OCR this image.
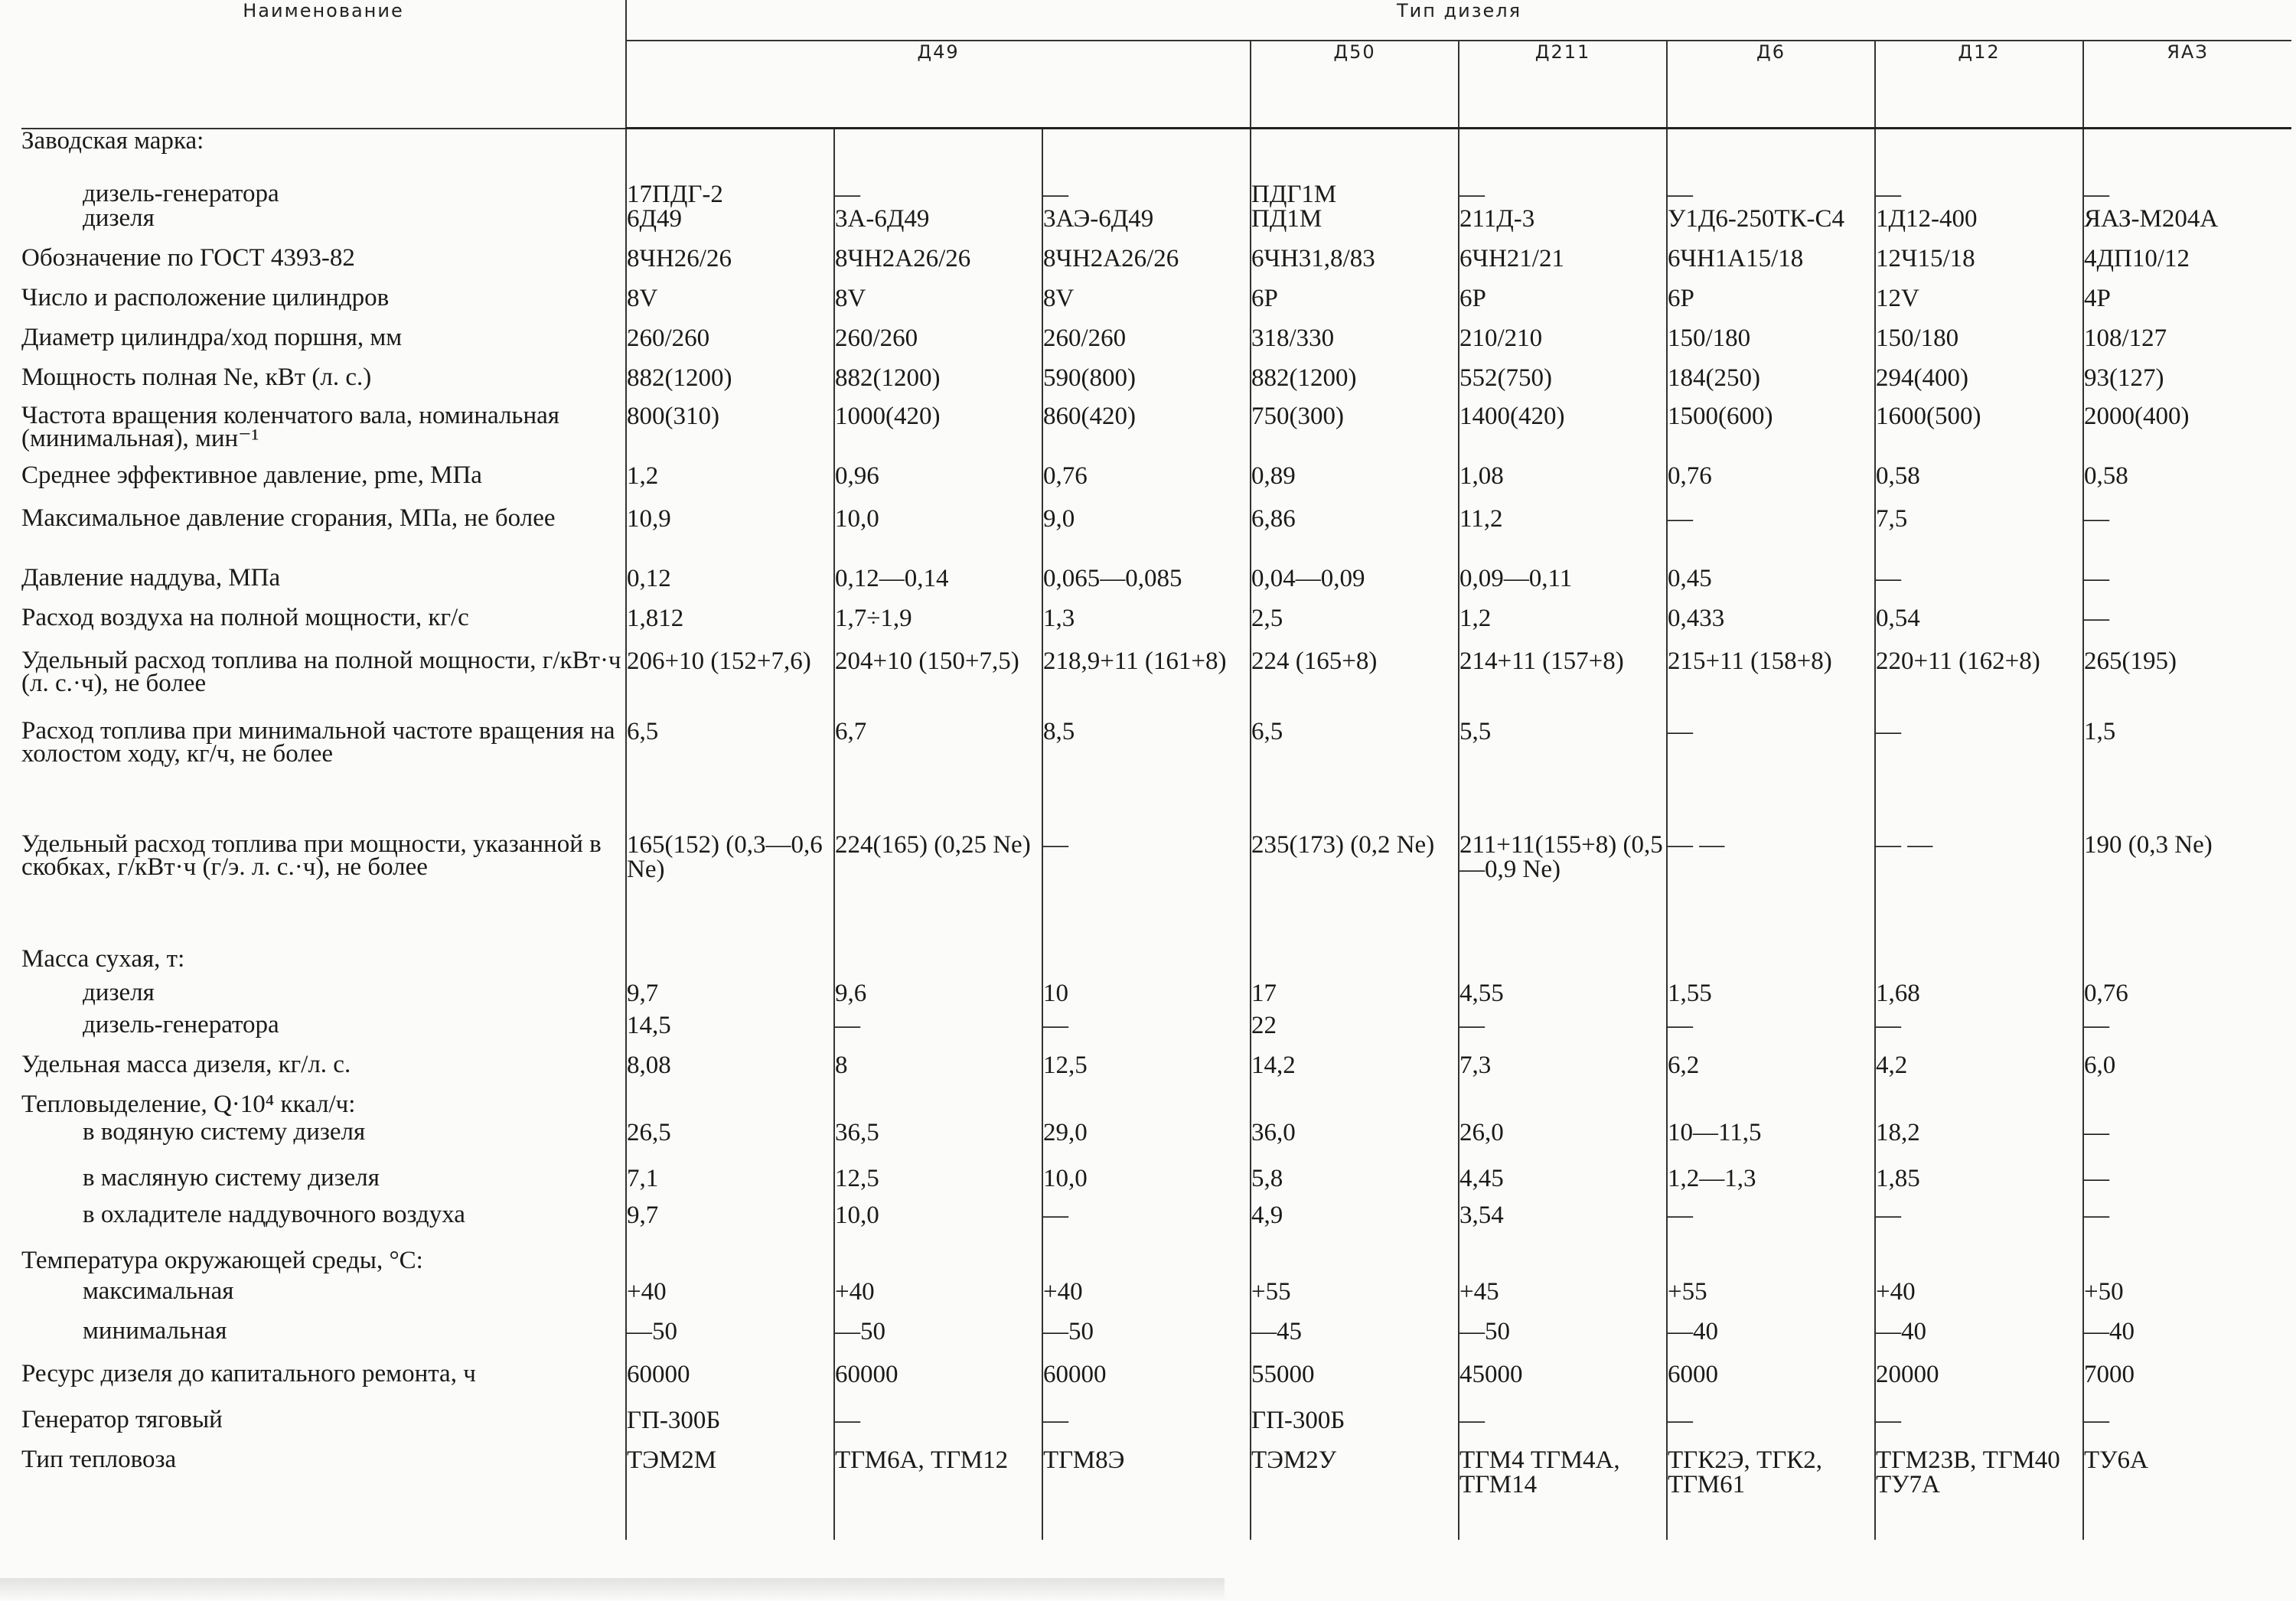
Наименование	Тип дизеля							
	Д49			Д50	Д211	Д6	Д12	ЯАЗ
Заводская марка:								
дизель-генератора	17ПДГ-2	—	—	ПДГ1М	—	—	—	—
дизеля	6Д49	3А-6Д49	3АЭ-6Д49	ПД1М	211Д-3	У1Д6-250ТК-С4	1Д12-400	ЯАЗ-М204А
Обозначение по ГОСТ 4393-82	8ЧН26/26	8ЧН2А26/26	8ЧН2А26/26	6ЧН31,8/83	6ЧН21/21	6ЧН1А15/18	12Ч15/18	4ДП10/12
Число и расположение цилиндров	8V	8V	8V	6Р	6Р	6Р	12V	4Р
Диаметр цилиндра/ход поршня, мм	260/260	260/260	260/260	318/330	210/210	150/180	150/180	108/127
Мощность полная Ne, кВт (л. с.)	882(1200)	882(1200)	590(800)	882(1200)	552(750)	184(250)	294(400)	93(127)
Частота вращения коленчатого вала, номинальная (минимальная), мин⁻¹	800(310)	1000(420)	860(420)	750(300)	1400(420)	1500(600)	1600(500)	2000(400)
Среднее эффективное давление, pme, МПа	1,2	0,96	0,76	0,89	1,08	0,76	0,58	0,58
Максимальное давление сгорания, МПа, не более	10,9	10,0	9,0	6,86	11,2	—	7,5	—
Давление наддува, МПа	0,12	0,12—0,14	0,065—0,085	0,04—0,09	0,09—0,11	0,45	—	—
Расход воздуха на полной мощности, кг/с	1,812	1,7÷1,9	1,3	2,5	1,2	0,433	0,54	—
Удельный расход топлива на полной мощности, г/кВт·ч (л. с.·ч), не более	206+10 (152+7,6)	204+10 (150+7,5)	218,9+11 (161+8)	224 (165+8)	214+11 (157+8)	215+11 (158+8)	220+11 (162+8)	265(195)
Расход топлива при минимальной частоте вращения на холостом ходу, кг/ч, не более	6,5	6,7	8,5	6,5	5,5	—	—	1,5
Удельный расход топлива при мощности, указанной в скобках, г/кВт·ч (г/э. л. с.·ч), не более	165(152) (0,3—0,6 Ne)	224(165) (0,25 Ne)	—	235(173) (0,2 Ne)	211+11(155+8) (0,5—0,9 Ne)	— —	— —	190 (0,3 Ne)
Масса сухая, т:								
дизеля	9,7	9,6	10	17	4,55	1,55	1,68	0,76
дизель-генератора	14,5	—	—	22	—	—	—	—
Удельная масса дизеля, кг/л. с.	8,08	8	12,5	14,2	7,3	6,2	4,2	6,0
Тепловыделение, Q·10⁴ ккал/ч:								
в водяную систему дизеля	26,5	36,5	29,0	36,0	26,0	10—11,5	18,2	—
в масляную систему дизеля	7,1	12,5	10,0	5,8	4,45	1,2—1,3	1,85	—
в охладителе наддувочного воздуха	9,7	10,0	—	4,9	3,54	—	—	—
Температура окружающей среды, °С:								
максимальная	+40	+40	+40	+55	+45	+55	+40	+50
минимальная	—50	—50	—50	—45	—50	—40	—40	—40
Ресурс дизеля до капитального ремонта, ч	60000	60000	60000	55000	45000	6000	20000	7000
Генератор тяговый	ГП-300Б	—	—	ГП-300Б	—	—	—	—
Тип тепловоза	ТЭМ2М	ТГМ6А, ТГМ12	ТГМ8Э	ТЭМ2У	ТГМ4 ТГМ4А, ТГМ14	ТГК2Э, ТГК2, ТГМ61	ТГМ23В, ТГМ40 ТУ7А	ТУ6А
